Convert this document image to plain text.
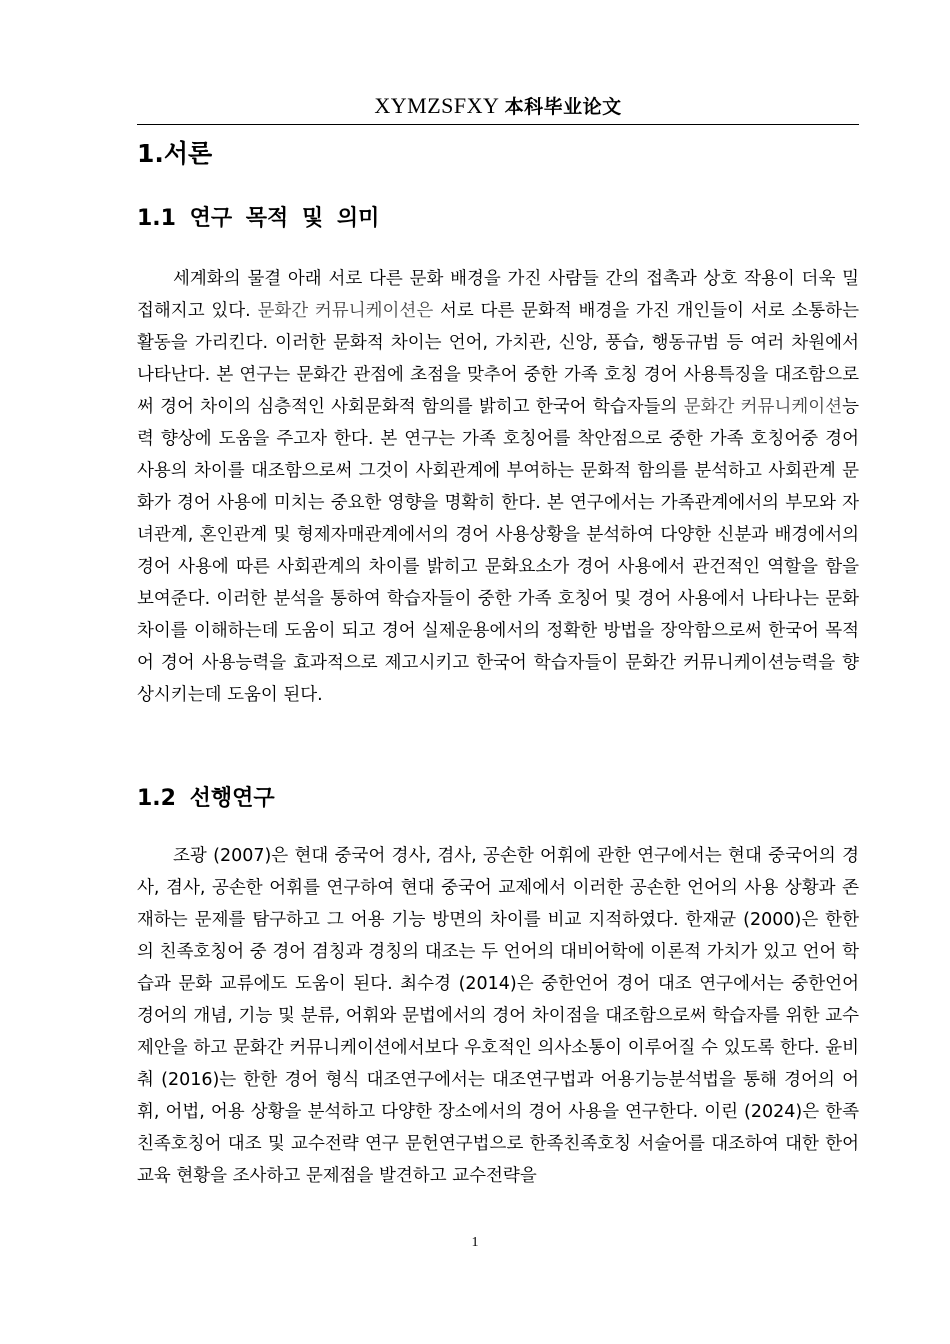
XYMZSFXY 本科毕业论文
1.서론
1.1 연구 목적 및 의미

세계화의 물결 아래 서로 다른 문화 배경을 가진 사람들 간의 접촉과 상호 작용이 더욱 밀접해지고 있다. 문화간 커뮤니케이션은 서로 다른 문화적 배경을 가진 개인들이 서로 소통하는 활동을 가리킨다. 이러한 문화적 차이는 언어, 가치관, 신앙, 풍습, 행동규범 등 여러 차원에서 나타난다. 본 연구는 문화간 관점에 초점을 맞추어 중한 가족 호칭 경어 사용특징을 대조함으로써 경어 차이의 심층적인 사회문화적 함의를 밝히고 한국어 학습자들의 문화간 커뮤니케이션능력 향상에 도움을 주고자 한다. 본 연구는 가족 호칭어를 착안점으로 중한 가족 호칭어중 경어 사용의 차이를 대조함으로써 그것이 사회관계에 부여하는 문화적 함의를 분석하고 사회관계 문화가 경어 사용에 미치는 중요한 영향을 명확히 한다. 본 연구에서는 가족관계에서의 부모와 자녀관계, 혼인관계 및 형제자매관계에서의 경어 사용상황을 분석하여 다양한 신분과 배경에서의 경어 사용에 따른 사회관계의 차이를 밝히고 문화요소가 경어 사용에서 관건적인 역할을 함을 보여준다. 이러한 분석을 통하여 학습자들이 중한 가족 호칭어 및 경어 사용에서 나타나는 문화차이를 이해하는데 도움이 되고 경어 실제운용에서의 정확한 방법을 장악함으로써 한국어 목적어 경어 사용능력을 효과적으로 제고시키고 한국어 학습자들이 문화간 커뮤니케이션능력을 향상시키는데 도움이 된다.

1.2 선행연구

조광 (2007)은 현대 중국어 경사, 겸사, 공손한 어휘에 관한 연구에서는 현대 중국어의 경사, 겸사, 공손한 어휘를 연구하여 현대 중국어 교제에서 이러한 공손한 언어의 사용 상황과 존재하는 문제를 탐구하고 그 어용 기능 방면의 차이를 비교 지적하였다. 한재균 (2000)은 한한의 친족호칭어 중 경어 겸칭과 경칭의 대조는 두 언어의 대비어학에 이론적 가치가 있고 언어 학습과 문화 교류에도 도움이 된다. 최수경 (2014)은 중한언어 경어 대조 연구에서는 중한언어 경어의 개념, 기능 및 분류, 어휘와 문법에서의 경어 차이점을 대조함으로써 학습자를 위한 교수제안을 하고 문화간 커뮤니케이션에서보다 우호적인 의사소통이 이루어질 수 있도록 한다. 윤비춰 (2016)는 한한 경어 형식 대조연구에서는 대조연구법과 어용기능분석법을 통해 경어의 어휘, 어법, 어용 상황을 분석하고 다양한 장소에서의 경어 사용을 연구한다. 이린 (2024)은 한족친족호칭어 대조 및 교수전략 연구 문헌연구법으로 한족친족호칭 서술어를 대조하여 대한 한어교육 현황을 조사하고 문제점을 발견하고 교수전략을

1
